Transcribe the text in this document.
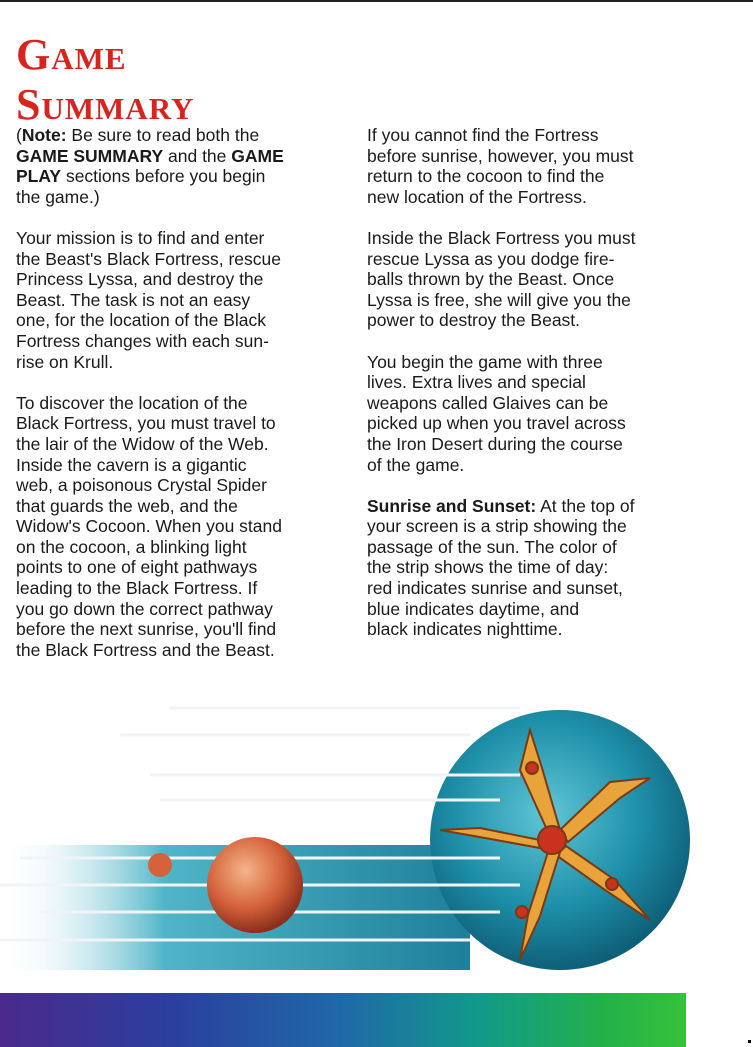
Game
Summary

(Note: Be sure to read both the
GAME SUMMARY and the GAME
PLAY sections before you begin
the game.)

Your mission is to find and enter
the Beast's Black Fortress, rescue
Princess Lyssa, and destroy the
Beast. The task is not an easy
one, for the location of the Black
Fortress changes with each sun-
rise on Krull.

To discover the location of the
Black Fortress, you must travel to
the lair of the Widow of the Web.
Inside the cavern is a gigantic
web, a poisonous Crystal Spider
that guards the web, and the
Widow's Cocoon. When you stand
on the cocoon, a blinking light
points to one of eight pathways
leading to the Black Fortress. If
you go down the correct pathway
before the next sunrise, you'll find
the Black Fortress and the Beast.

If you cannot find the Fortress
before sunrise, however, you must
return to the cocoon to find the
new location of the Fortress.

Inside the Black Fortress you must
rescue Lyssa as you dodge fire-
balls thrown by the Beast. Once
Lyssa is free, she will give you the
power to destroy the Beast.

You begin the game with three
lives. Extra lives and special
weapons called Glaives can be
picked up when you travel across
the Iron Desert during the course
of the game.

Sunrise and Sunset: At the top of
your screen is a strip showing the
passage of the sun. The color of
the strip shows the time of day:
red indicates sunrise and sunset,
blue indicates daytime, and
black indicates nighttime.
